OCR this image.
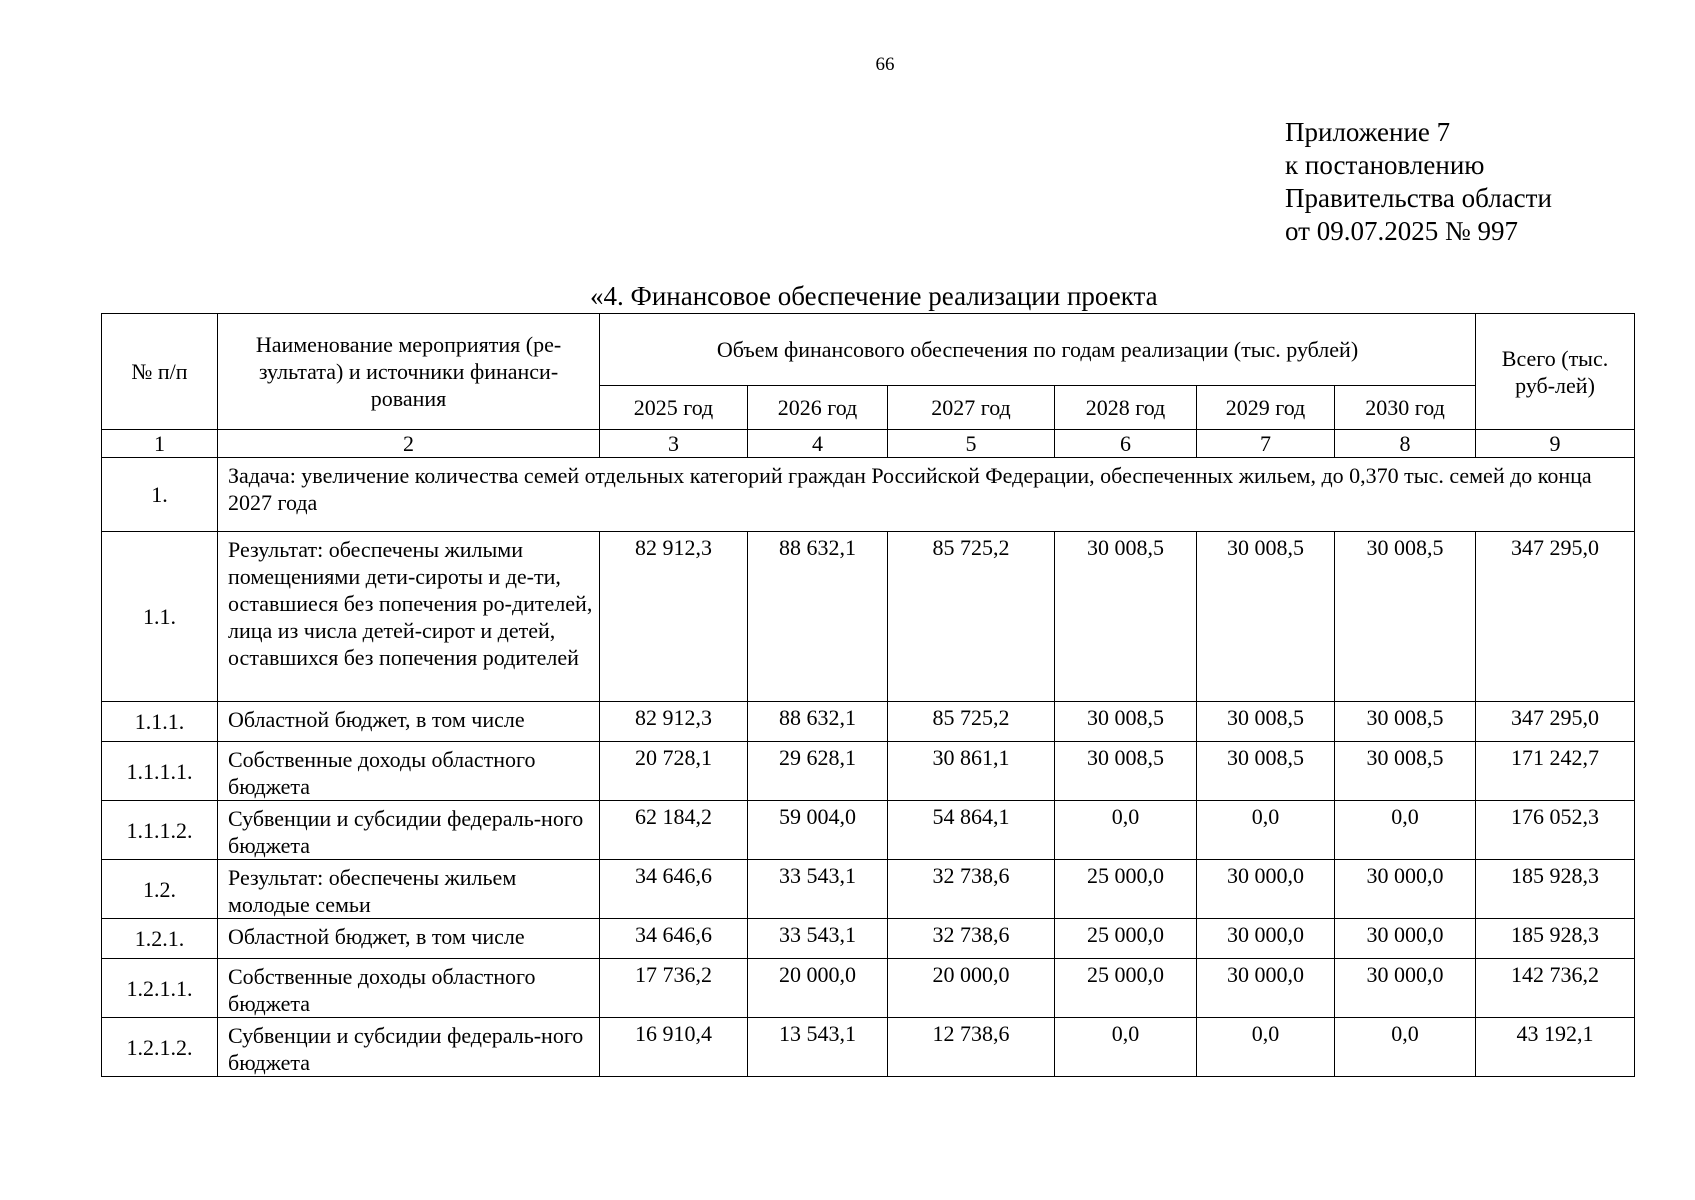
66
Приложение 7
к постановлению
Правительства области
от 09.07.2025 № 997
«4. Финансовое обеспечение реализации проекта
№ п/п	Наименование мероприятия (ре-зультата) и источники финанси-рования	Объем финансового обеспечения по годам реализации (тыс. рублей)						Всего (тыс. руб-лей)
		2025 год	2026 год	2027 год	2028 год	2029 год	2030 год	
1	2	3	4	5	6	7	8	9
1.	Задача: увеличение количества семей отдельных категорий граждан Российской Федерации, обеспеченных жильем, до 0,370 тыс. семей до конца 2027 года							
1.1.	Результат: обеспечены жилыми помещениями дети-сироты и де-ти, оставшиеся без попечения ро-дителей, лица из числа детей-сирот и детей, оставшихся без попечения родителей	82 912,3	88 632,1	85 725,2	30 008,5	30 008,5	30 008,5	347 295,0
1.1.1.	Областной бюджет, в том числе	82 912,3	88 632,1	85 725,2	30 008,5	30 008,5	30 008,5	347 295,0
1.1.1.1.	Собственные доходы областного бюджета	20 728,1	29 628,1	30 861,1	30 008,5	30 008,5	30 008,5	171 242,7
1.1.1.2.	Субвенции и субсидии федераль-ного бюджета	62 184,2	59 004,0	54 864,1	0,0	0,0	0,0	176 052,3
1.2.	Результат: обеспечены жильем молодые семьи	34 646,6	33 543,1	32 738,6	25 000,0	30 000,0	30 000,0	185 928,3
1.2.1.	Областной бюджет, в том числе	34 646,6	33 543,1	32 738,6	25 000,0	30 000,0	30 000,0	185 928,3
1.2.1.1.	Собственные доходы областного бюджета	17 736,2	20 000,0	20 000,0	25 000,0	30 000,0	30 000,0	142 736,2
1.2.1.2.	Субвенции и субсидии федераль-ного бюджета	16 910,4	13 543,1	12 738,6	0,0	0,0	0,0	43 192,1
